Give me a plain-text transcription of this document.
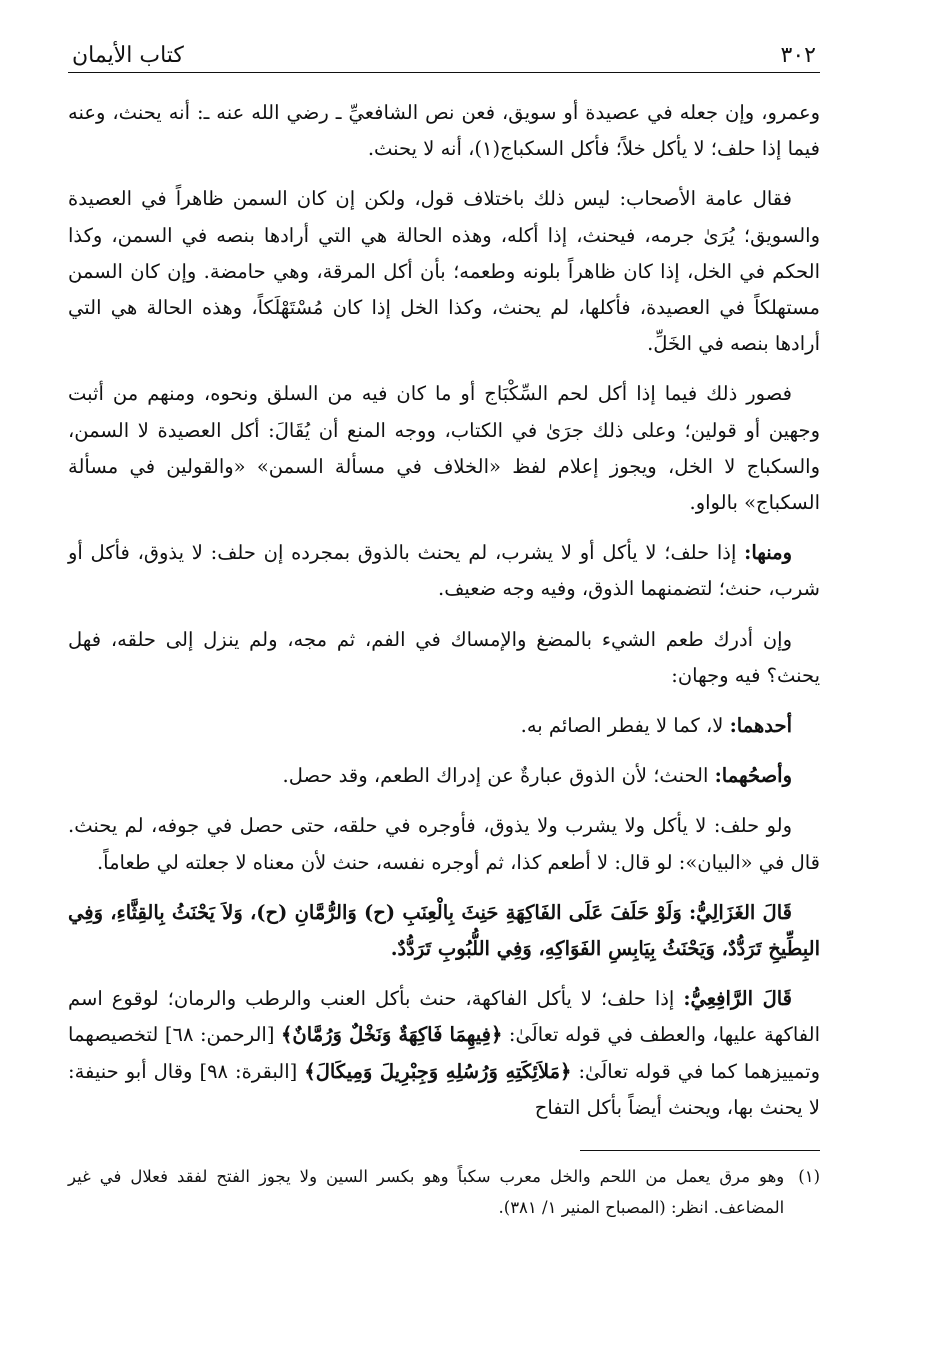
٣٠٢
كتاب الأيمان

وعمرو، وإن جعله في عصيدة أو سويق، فعن نص الشافعيِّ ـ رضي الله عنه ـ: أنه يحنث، وعنه فيما إذا حلف؛ لا يأكل خلاً؛ فأكل السكباج(١)، أنه لا يحنث.

فقال عامة الأصحاب: ليس ذلك باختلاف قول، ولكن إن كان السمن ظاهراً في العصيدة والسويق؛ يُرَىٰ جرمه، فيحنث، إذا أكله، وهذه الحالة هي التي أرادها بنصه في السمن، وكذا الحكم في الخل، إذا كان ظاهراً بلونه وطعمه؛ بأن أكل المرقة، وهي حامضة. وإن كان السمن مستهلكاً في العصيدة، فأكلها، لم يحنث، وكذا الخل إذا كان مُسْتَهْلَكاً، وهذه الحالة هي التي أرادها بنصه في الخَلِّ.

فصور ذلك فيما إذا أكل لحم السِّكْبَاج أو ما كان فيه من السلق ونحوه، ومنهم من أثبت وجهين أو قولين؛ وعلى ذلك جرَىٰ في الكتاب، ووجه المنع أن يُقَالَ: أكل العصيدة لا السمن، والسكباج لا الخل، ويجوز إعلام لفظ «الخلاف في مسألة السمن» «والقولين في مسألة السكباج» بالواو.

ومنها: إذا حلف؛ لا يأكل أو لا يشرب، لم يحنث بالذوق بمجرده إن حلف: لا يذوق، فأكل أو شرب، حنث؛ لتضمنهما الذوق، وفيه وجه ضعيف.

وإن أدرك طعم الشيء بالمضغ والإمساك في الفم، ثم مجه، ولم ينزل إلى حلقه، فهل يحنث؟ فيه وجهان:

أحدهما: لا، كما لا يفطر الصائم به.

وأصحُهما: الحنث؛ لأن الذوق عبارةٌ عن إدراك الطعم، وقد حصل.

ولو حلف: لا يأكل ولا يشرب ولا يذوق، فأوجره في حلقه، حتى حصل في جوفه، لم يحنث. قال في «البيان»: لو قال: لا أطعم كذا، ثم أوجره نفسه، حنث لأن معناه لا جعلته لي طعاماً.

قَالَ الغَزَالِيُّ: وَلَوْ حَلَفَ عَلَى الفَاكِهَةِ حَنِثَ بِالْعِنَبِ (ح) وَالرُّمَّانِ (ح)، وَلاَ يَحْنَثُ بِالقِثَّاءِ، وَفِي البِطِّيخِ تَرَدُّدٌ، وَيَحْنَثُ بِيَابِسِ الفَوَاكِهِ، وَفِي اللُّبُوبِ تَرَدُّدٌ.

قَالَ الرَّافِعِيُّ: إذا حلف؛ لا يأكل الفاكهة، حنث بأكل العنب والرطب والرمان؛ لوقوع اسم الفاكهة عليها، والعطف في قوله تعالَىٰ: ﴿فِيهِمَا فَاكِهَةٌ وَنَخْلٌ وَرُمَّانٌ﴾ [الرحمن: ٦٨] لتخصيصهما وتمييزهما كما في قوله تعالَىٰ: ﴿مَلاَئِكَتِهِ وَرُسُلِهِ وَجِبْرِيلَ وَمِيكَالَ﴾ [البقرة: ٩٨] وقال أبو حنيفة: لا يحنث بها، ويحنث أيضاً بأكل التفاح

(١)
وهو مرق يعمل من اللحم والخل معرب سكباً وهو بكسر السين ولا يجوز الفتح لفقد فعلال في غير المضاعف. انظر: (المصباح المنير ١/ ٣٨١).
